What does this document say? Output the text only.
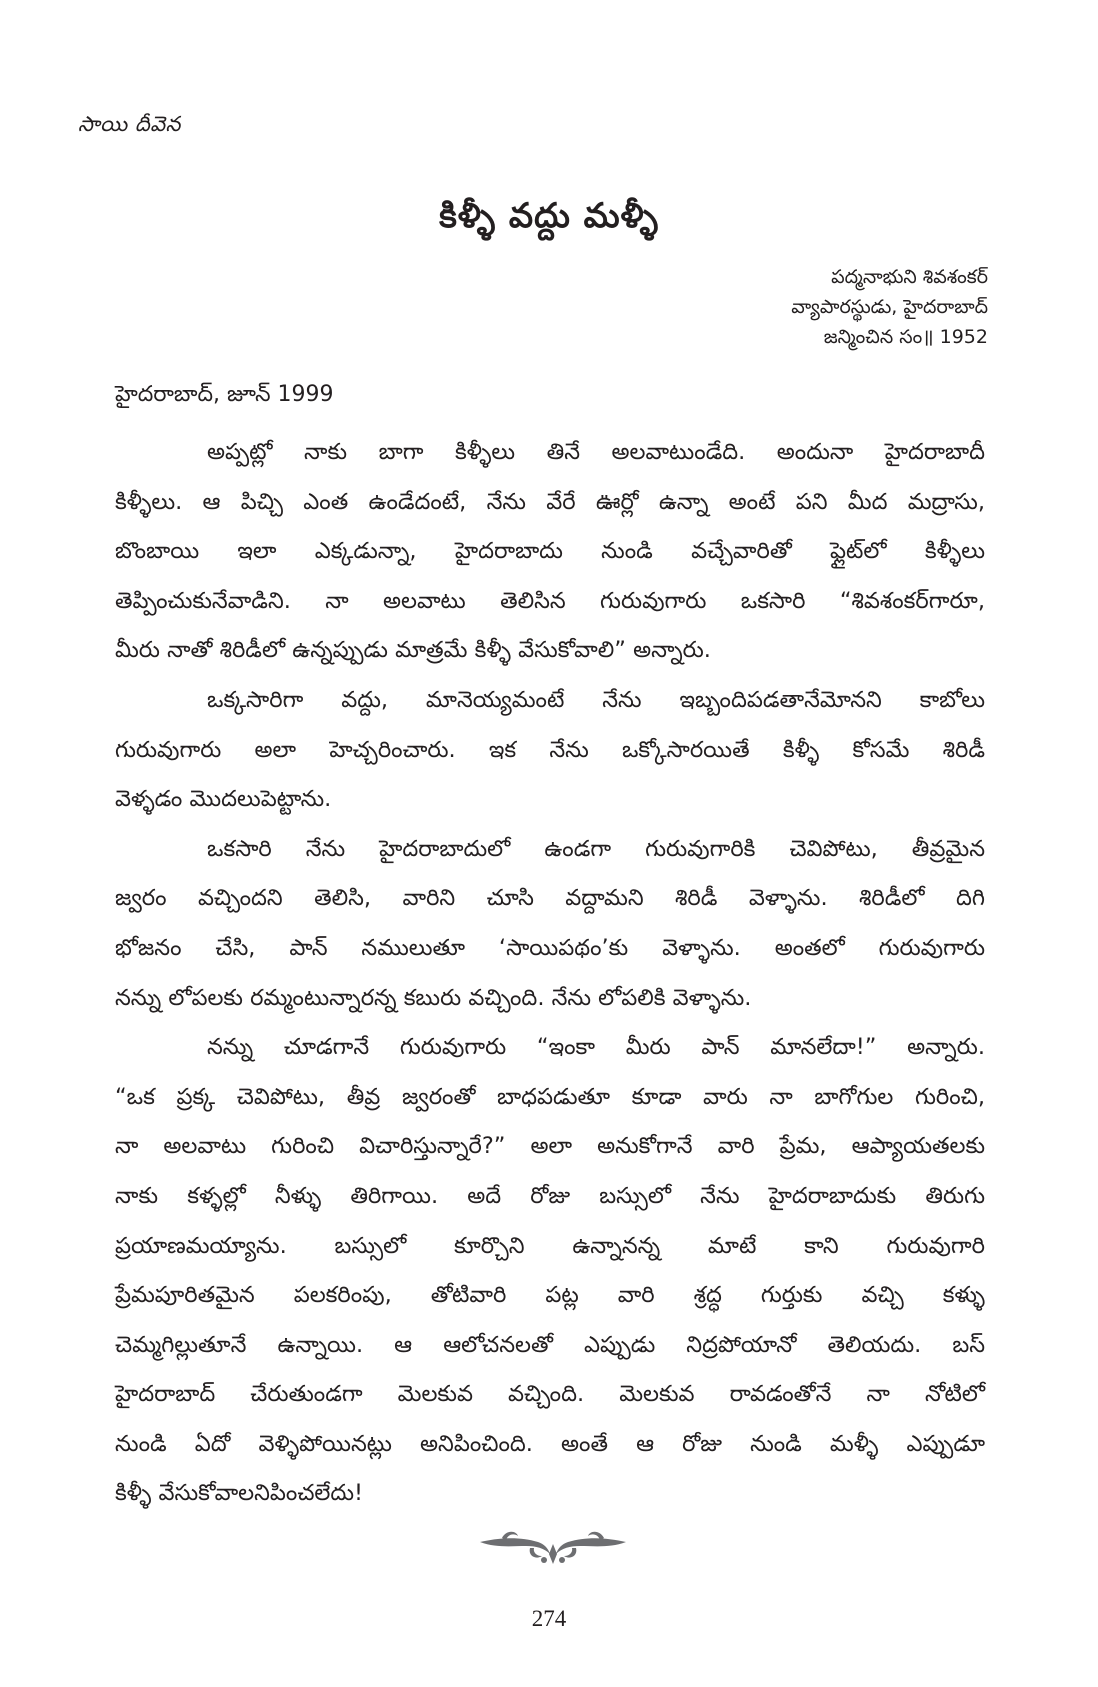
సాయి దీవెన
కిళ్ళీ వద్దు మళ్ళీ
పద్మనాభుని శివశంకర్
వ్యాపారస్థుడు, హైదరాబాద్
జన్మించిన సం॥ 1952
హైదరాబాద్, జూన్ 1999
అప్పట్లో నాకు బాగా కిళ్ళీలు తినే అలవాటుండేది. అందునా హైదరాబాదీ
కిళ్ళీలు. ఆ పిచ్చి ఎంత ఉండేదంటే, నేను వేరే ఊర్లో ఉన్నా అంటే పని మీద మద్రాసు,
బొంబాయి ఇలా ఎక్కడున్నా, హైదరాబాదు నుండి వచ్చేవారితో ఫ్లైట్‌లో కిళ్ళీలు
తెప్పించుకునేవాడిని. నా అలవాటు తెలిసిన గురువుగారు ఒకసారి “శివశంకర్‌గారూ,
మీరు నాతో శిరిడీలో ఉన్నప్పుడు మాత్రమే కిళ్ళీ వేసుకోవాలి” అన్నారు.
ఒక్కసారిగా వద్దు, మానెయ్యమంటే నేను ఇబ్బందిపడతానేమోనని కాబోలు
గురువుగారు అలా హెచ్చరించారు. ఇక నేను ఒక్కోసారయితే కిళ్ళీ కోసమే శిరిడీ
వెళ్ళడం మొదలుపెట్టాను.
ఒకసారి నేను హైదరాబాదులో ఉండగా గురువుగారికి చెవిపోటు, తీవ్రమైన
జ్వరం వచ్చిందని తెలిసి, వారిని చూసి వద్దామని శిరిడీ వెళ్ళాను. శిరిడీలో దిగి
భోజనం చేసి, పాన్ నములుతూ ‘సాయిపథం’కు వెళ్ళాను. అంతలో గురువుగారు
నన్ను లోపలకు రమ్మంటున్నారన్న కబురు వచ్చింది. నేను లోపలికి వెళ్ళాను.
నన్ను చూడగానే గురువుగారు “ఇంకా మీరు పాన్ మానలేదా!” అన్నారు.
“ఒక ప్రక్క చెవిపోటు, తీవ్ర జ్వరంతో బాధపడుతూ కూడా వారు నా బాగోగుల గురించి,
నా అలవాటు గురించి విచారిస్తున్నారే?” అలా అనుకోగానే వారి ప్రేమ, ఆప్యాయతలకు
నాకు కళ్ళల్లో నీళ్ళు తిరిగాయి. అదే రోజు బస్సులో నేను హైదరాబాదుకు తిరుగు
ప్రయాణమయ్యాను. బస్సులో కూర్చొని ఉన్నానన్న మాటే కాని గురువుగారి
ప్రేమపూరితమైన పలకరింపు, తోటివారి పట్ల వారి శ్రద్ధ గుర్తుకు వచ్చి కళ్ళు
చెమ్మగిల్లుతూనే ఉన్నాయి. ఆ ఆలోచనలతో ఎప్పుడు నిద్రపోయానో తెలియదు. బస్
హైదరాబాద్ చేరుతుండగా మెలకువ వచ్చింది. మెలకువ రావడంతోనే నా నోటిలో
నుండి ఏదో వెళ్ళిపోయినట్లు అనిపించింది. అంతే ఆ రోజు నుండి మళ్ళీ ఎప్పుడూ
కిళ్ళీ వేసుకోవాలనిపించలేదు!
274
